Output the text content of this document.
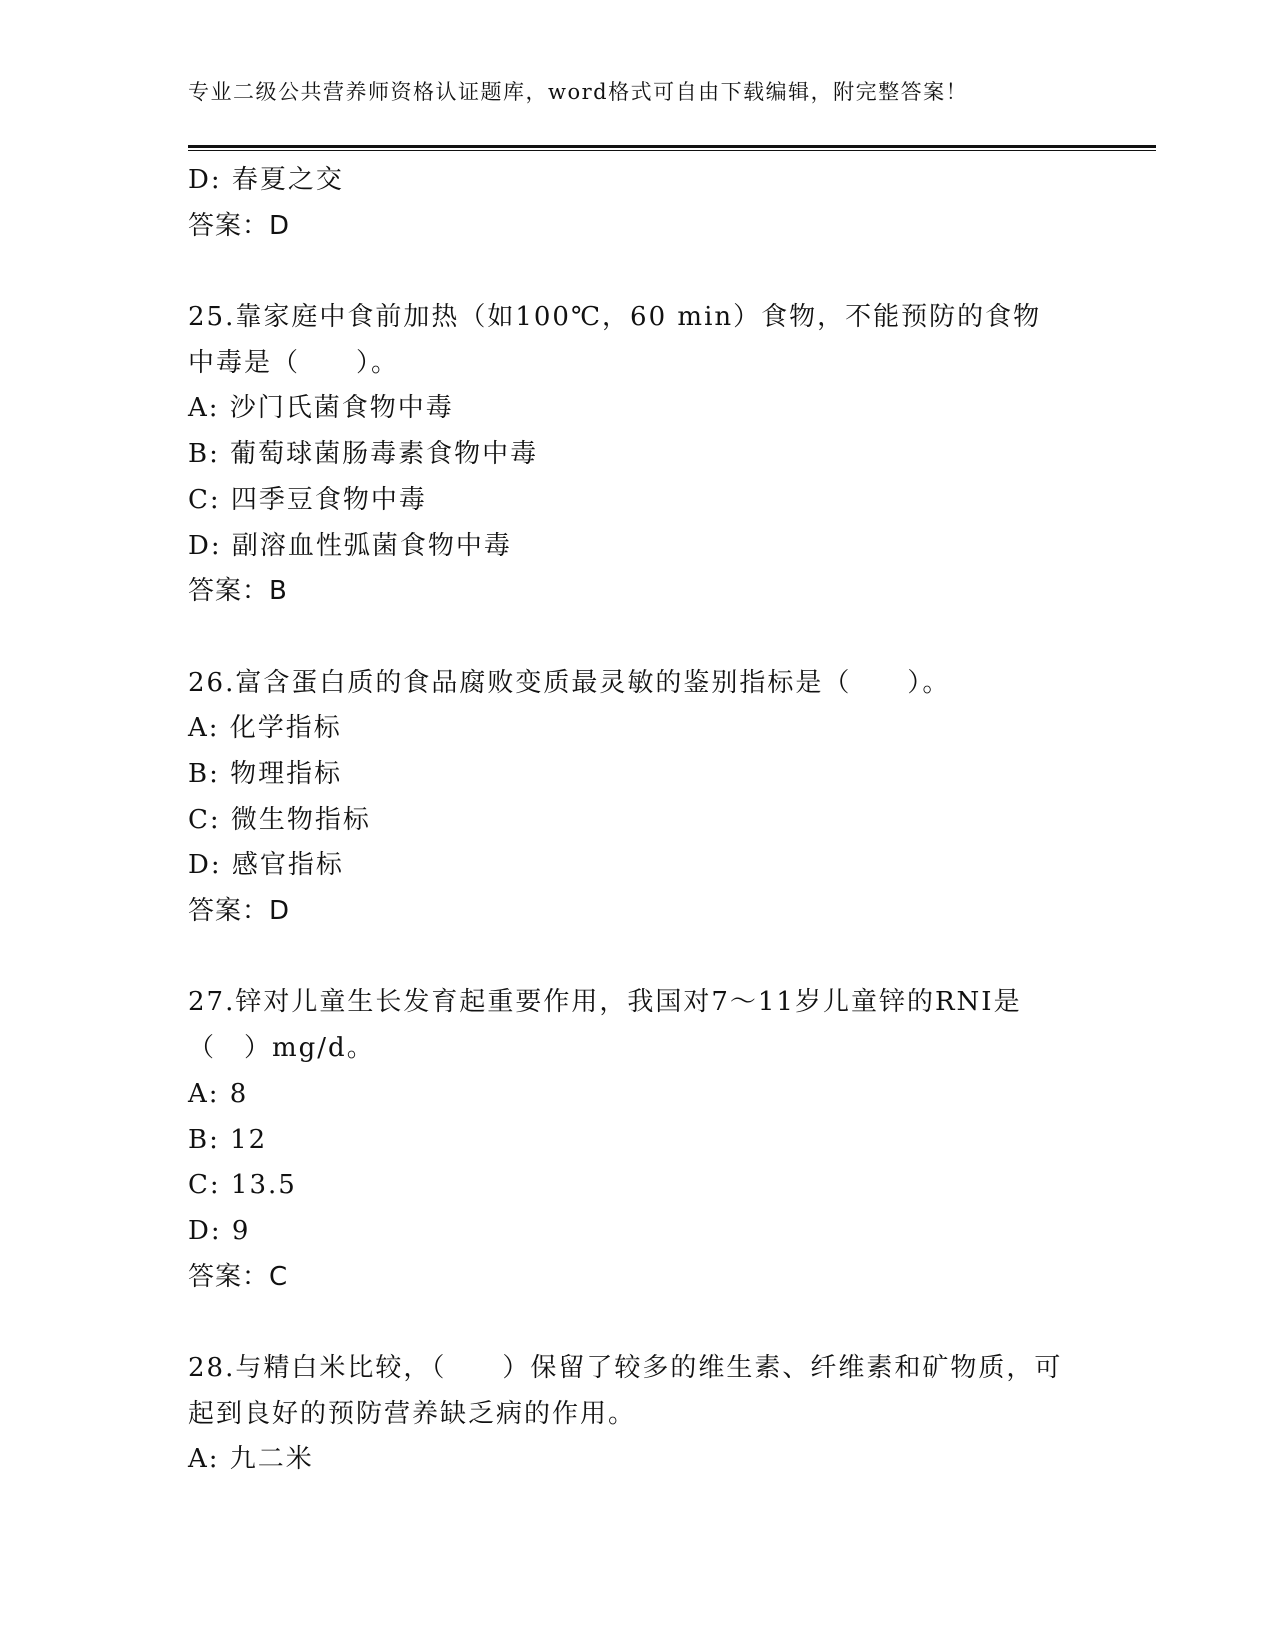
专业二级公共营养师资格认证题库，word格式可自由下载编辑，附完整答案！
D: 春夏之交
答案：D
25.靠家庭中食前加热（如100℃，60 min）食物，不能预防的食物中毒是（　　）。
A: 沙门氏菌食物中毒
B: 葡萄球菌肠毒素食物中毒
C: 四季豆食物中毒
D: 副溶血性弧菌食物中毒
答案：B
26.富含蛋白质的食品腐败变质最灵敏的鉴别指标是（　　）。
A: 化学指标
B: 物理指标
C: 微生物指标
D: 感官指标
答案：D
27.锌对儿童生长发育起重要作用，我国对7～11岁儿童锌的RNI是（　）mg/d。
A: 8
B: 12
C: 13.5
D: 9
答案：C
28.与精白米比较，（　　）保留了较多的维生素、纤维素和矿物质，可起到良好的预防营养缺乏病的作用。
A: 九二米
